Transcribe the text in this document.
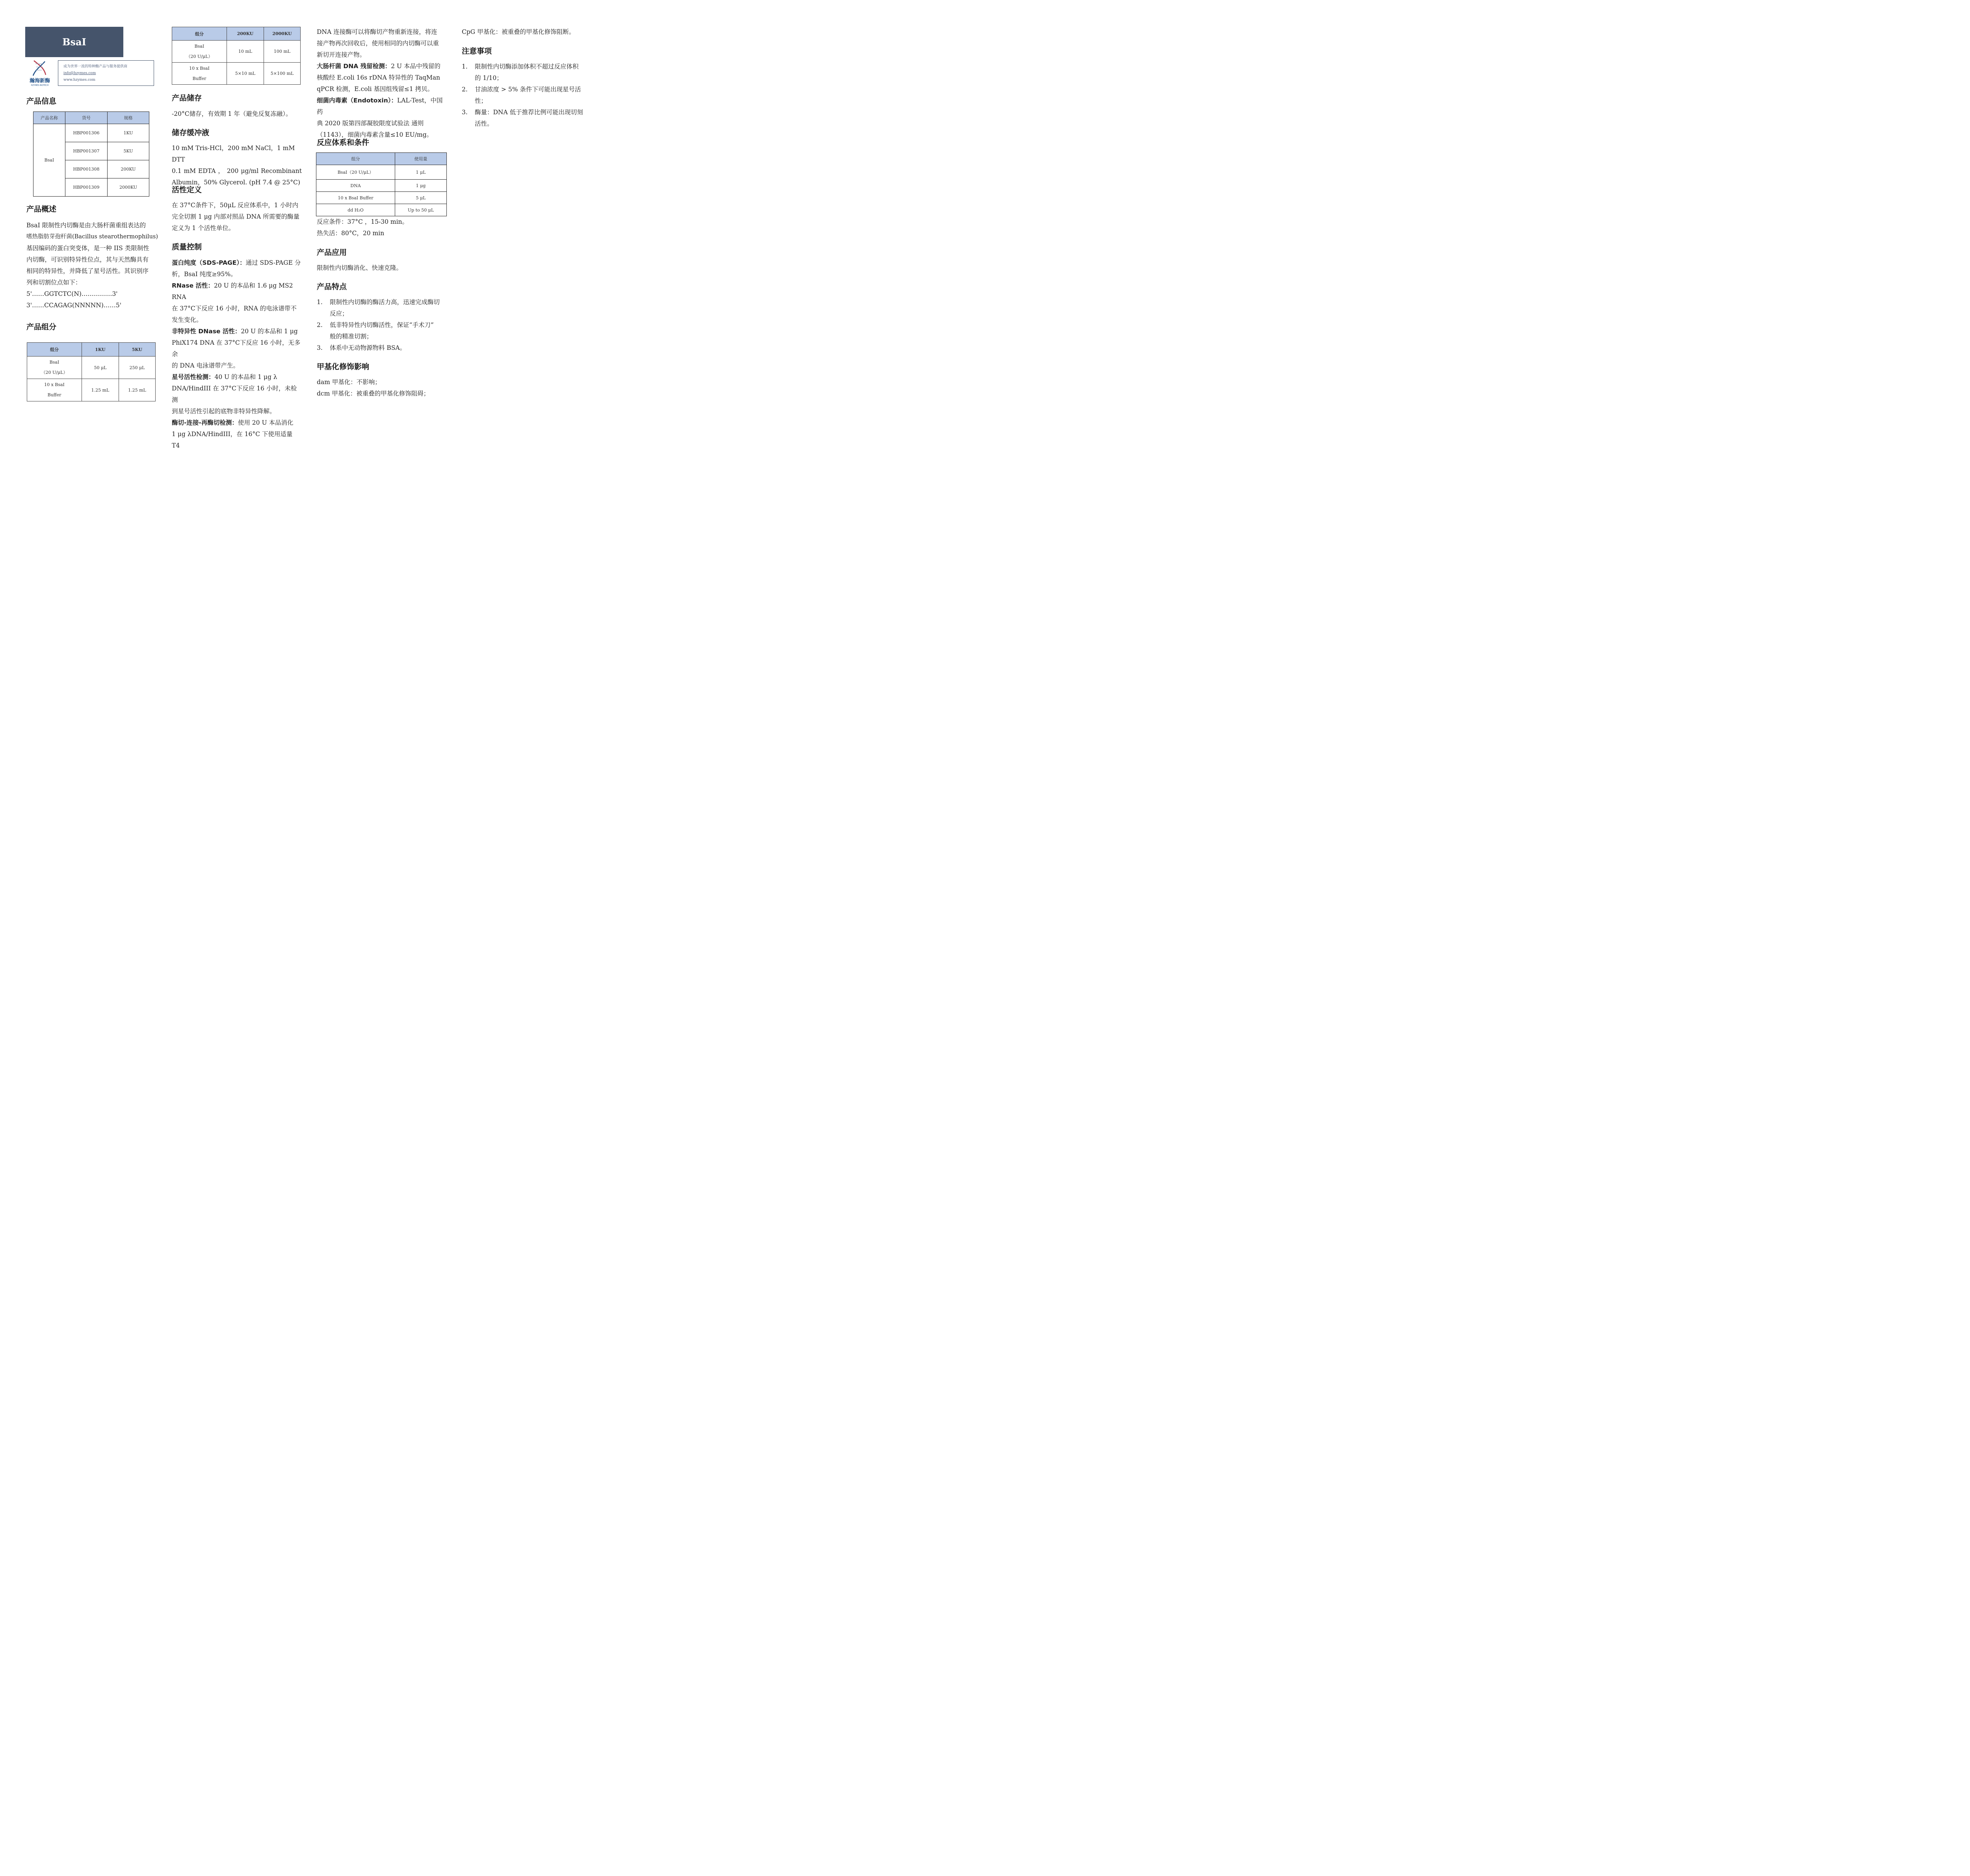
BsaI
瀚海新酶
HZYMES BIOTECH
成为世界一流的特种酶产品与服务提供商
info@hzymes.com
www.hzymes.com
产品信息
产品名称	货号	规格
BsaI	HBP001306	1KU
	HBP001307	5KU
	HBP001308	200KU
	HBP001309	2000KU
产品概述
BsaI 限制性内切酶是由大肠杆菌重组表达的
嗜热脂肪芽孢杆菌(Bacillus stearothermophilus)
基因编码的蛋白突变体，是一种 IIS 类限制性
内切酶，可识别特异性位点，其与天然酶具有
相同的特异性，并降低了星号活性。其识别序
列和切割位点如下：
5'……GGTCTC(N)……………3'
3'……CCAGAG(NNNNN)……5'
产品组分
组分	1KU	5KU

BsaI
（20 U/μL）	50 μL	250 μL

10 x BsaI
Buffer	1.25 mL	1.25 mL
组分	200KU	2000KU

BsaI
（20 U/μL）	10 mL	100 mL

10 x BsaI
Buffer	5×10 mL	5×100 mL
产品储存
-20°C储存，有效期 1 年（避免反复冻融）。
储存缓冲液
10 mM Tris-HCl，200 mM NaCl，1 mM DTT
0.1 mM EDTA ， 200 μg/ml Recombinant
Albumin，50% Glycerol. (pH 7.4 @ 25°C)
活性定义
在 37°C条件下，50μL 反应体系中，1 小时内
完全切割 1 μg 内部对照品 DNA 所需要的酶量
定义为 1 个活性单位。
质量控制
蛋白纯度（SDS-PAGE）：通过 SDS-PAGE 分
析，BsaI 纯度≥95%。
RNase 活性：20 U 的本品和 1.6 μg MS2 RNA
在 37°C下反应 16 小时，RNA 的电泳谱带不
发生变化。
非特异性 DNase 活性：20 U 的本品和 1 μg
PhiX174 DNA 在 37°C下反应 16 小时，无多余
的 DNA 电泳谱带产生。
星号活性检测：40 U 的本品和 1 μg λ
DNA/HindIII 在 37°C下反应 16 小时，未检测
到星号活性引起的底物非特异性降解。
酶切-连接-再酶切检测：使用 20 U 本品消化
1 μg λDNA/HindIII，在 16°C 下使用适量 T4
DNA 连接酶可以将酶切产物重新连接，将连
接产物再次回收后，使用相同的内切酶可以重
新切开连接产物。
大肠杆菌 DNA 残留检测：2 U 本品中残留的
核酸经 E.coli 16s rDNA 特异性的 TaqMan
qPCR 检测，E.coli 基因组残留≤1 拷贝。
细菌内毒素（Endotoxin）：LAL-Test，中国药
典 2020 版第四部凝胶限度试验法 通则
（1143），细菌内毒素含量≤10 EU/mg。
反应体系和条件
组分	使用量
BsaI（20 U/μL）	1 μL
DNA	1 μg
10 x BsaI Buffer	5 μL
dd H₂O	Up to 50 μL
反应条件：37°C ，15-30 min。
热失活：80°C，20 min
产品应用
限制性内切酶消化、快速克隆。
产品特点
1. 限制性内切酶的酶活力高，迅速完成酶切
反应；
2. 低非特异性内切酶活性，保证“手术刀”
般的精准切割；
3. 体系中无动物源物料 BSA。
甲基化修饰影响
dam 甲基化：不影响；
dcm 甲基化：被重叠的甲基化修饰阻碍；
CpG 甲基化：被重叠的甲基化修饰阻断。
注意事项
1. 限制性内切酶添加体积不超过反应体积
的 1/10；
2. 甘油浓度 > 5% 条件下可能出现星号活
性；
3. 酶量：DNA 低于推荐比例可能出现切刻
活性。
